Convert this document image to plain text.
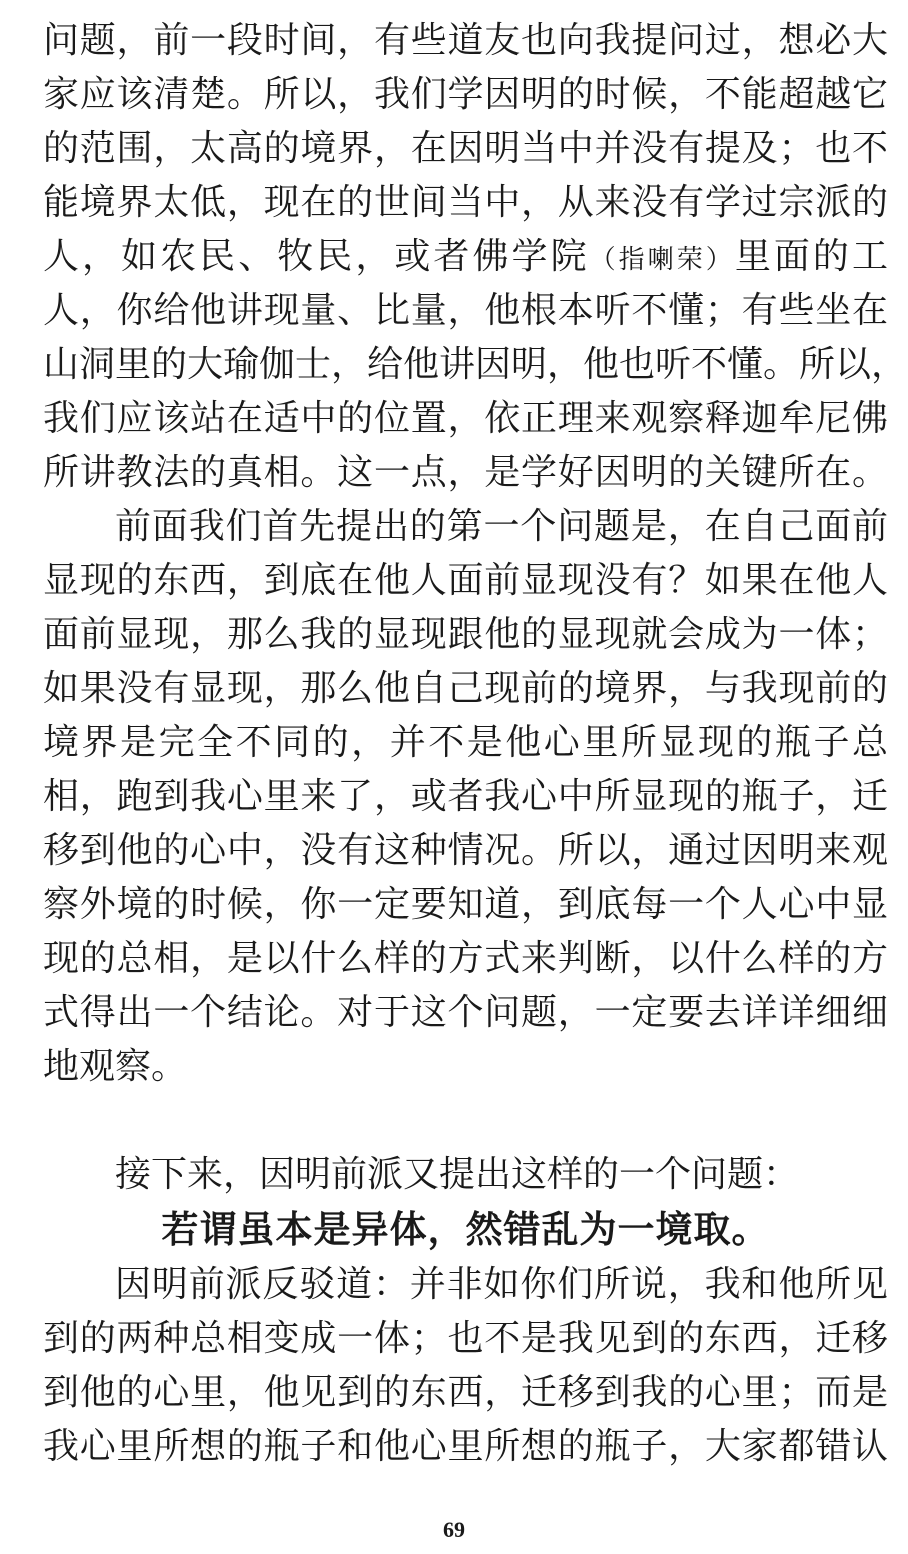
问题，前一段时间，有些道友也向我提问过，想必大
家应该清楚。所以，我们学因明的时候，不能超越它
的范围，太高的境界，在因明当中并没有提及；也不
能境界太低，现在的世间当中，从来没有学过宗派的
人，如农民、牧民，或者佛学院（指喇荣）里面的工
人，你给他讲现量、比量，他根本听不懂；有些坐在
山洞里的大瑜伽士，给他讲因明，他也听不懂。所以，
我们应该站在适中的位置，依正理来观察释迦牟尼佛
所讲教法的真相。这一点，是学好因明的关键所在。
前面我们首先提出的第一个问题是，在自己面前
显现的东西，到底在他人面前显现没有？如果在他人
面前显现，那么我的显现跟他的显现就会成为一体；
如果没有显现，那么他自己现前的境界，与我现前的
境界是完全不同的，并不是他心里所显现的瓶子总
相，跑到我心里来了，或者我心中所显现的瓶子，迁
移到他的心中，没有这种情况。所以，通过因明来观
察外境的时候，你一定要知道，到底每一个人心中显
现的总相，是以什么样的方式来判断，以什么样的方
式得出一个结论。对于这个问题，一定要去详详细细
地观察。
接下来，因明前派又提出这样的一个问题：
若谓虽本是异体，然错乱为一境取。
因明前派反驳道：并非如你们所说，我和他所见
到的两种总相变成一体；也不是我见到的东西，迁移
到他的心里，他见到的东西，迁移到我的心里；而是
我心里所想的瓶子和他心里所想的瓶子，大家都错认
69
